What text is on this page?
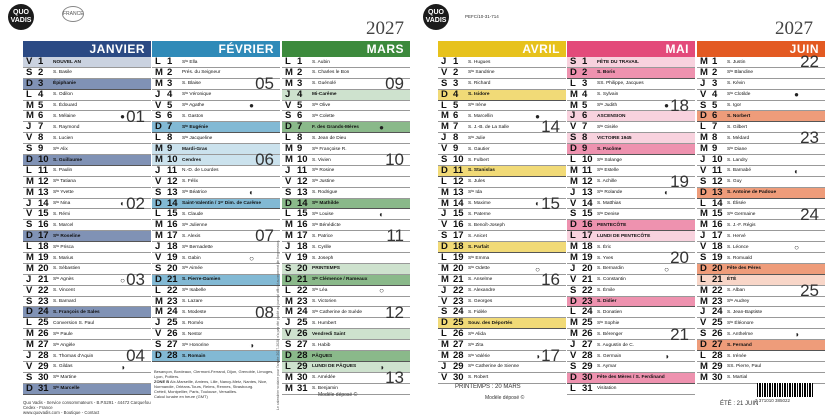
QUO VADIS
FRANCE
2027
JANVIER
V 1 NOUVEL AN
S 2 S. Basile
D 3 Épiphanie
L 4 S. Odilon
M 5 S. Édouard
M 6 S. Mélaine
J 7 S. Raymond
V 8 S. Lucien
S 9 Sᵗᵉ Alix
D 10 S. Guillaume
L 11 S. Paulin
M 12 Sᵗᵉ Tatiana
M 13 Sᵗᵉ Yvette
J 14 Sᵗᵉ Nina
V 15 S. Rémi
S 16 S. Marcel
D 17 Sᵗᵉ Roseline
L 18 Sᵗᵉ Prisca
M 19 S. Marius
M 20 S. Sébastien
J 21 Sᵗᵉ Agnès
V 22 S. Vincent
S 23 S. Barnard
D 24 S. François de Sales
L 25 Conversion S. Paul
M 26 Sᵗᵉ Paule
M 27 Sᵗᵉ Angèle
J 28 S. Thomas d'Aquin
V 29 S. Gildas
S 30 Sᵗᵉ Martine
D 31 Sᵗᵉ Marcelle
01
02
03
04
●
◐
○
◑
FÉVRIER
L 1 Sᵗᵉ Ella
M 2 Prés. du Seigneur
M 3 S. Blaise
J 4 Sᵗᵉ Véronique
V 5 Sᵗᵉ Agathe
S 6 S. Gaston
D 7 Sᵗᵉ Eugénie
L 8 Sᵗᵉ Jacqueline
M 9 Mardi-Gras
M 10 Cendres
J 11 N.-D. de Lourdes
V 12 S. Félix
S 13 Sᵗᵉ Béatrice
D 14 Saint-Valentin / 1ᵉʳ Dim. de Carême
L 15 S. Claude
M 16 Sᵗᵉ Julienne
M 17 S. Alexis
J 18 Sᵗᵉ Bernadette
V 19 S. Gabin
S 20 Sᵗᵉ Aimée
D 21 S. Pierre-Damien
L 22 Sᵗᵉ Isabelle
M 23 S. Lazare
M 24 S. Modeste
J 25 S. Roméo
V 26 S. Nestor
S 27 Sᵗᵉ Honorine
D 28 S. Romain
05
06
07
08
●
◐
○
◑
MARS
L 1 S. Aubin
M 2 S. Charles le Bon
M 3 S. Guénolé
J 4 Mi-Carême
V 5 Sᵗᵉ Olive
S 6 Sᵗᵉ Colette
D 7 F. des Grands-Mères
L 8 S. Jean de Dieu
M 9 Sᵗᵉ Françoise R.
M 10 S. Vivien
J 11 Sᵗᵉ Rosine
V 12 Sᵗᵉ Justine
S 13 S. Rodrigue
D 14 Sᵗᵉ Mathilde
L 15 Sᵗᵉ Louise
M 16 Sᵗᵉ Bénédicte
M 17 S. Patrice
J 18 S. Cyrille
V 19 S. Joseph
S 20 PRINTEMPS
D 21 Sᵗᵉ Clémence / Rameaux
L 22 Sᵗᵉ Léa
M 23 S. Victorien
M 24 Sᵗᵉ Catherine de Suède
J 25 S. Humbert
V 26 Vendredi Saint
S 27 S. Habib
D 28 PÂQUES
L 29 LUNDI DE PÂQUES
M 30 S. Amédée
M 31 S. Benjamin
09
10
11
12
13
●
◐
○
◑
Le calendrier scolaire pour l'année 2027-2028 n'a pas été publié au journal officiel au moment de l'impression.
Besançon, Bordeaux, Clermont-Ferrand, Dijon, Grenoble, Limoges, Lyon, Poitiers.
ZONE B Aix-Marseille, Amiens, Lille, Nancy-Metz, Nantes, Nice, Normandie, Orléans-Tours, Reims, Rennes, Strasbourg.
Créteil, Montpellier, Paris, Toulouse, Versailles.
Calcul lunaire en heure (GMT)
Quo Vadis - Service consommateurs - B.P.5291 - 44472 Carquefou Cedex - France
www.quovadis.com - Boutique - Contact
Modèle déposé ©
QUO VADIS
PEFC/10-31-714
2027
AVRIL
J 1 S. Hugues
V 2 Sᵗᵉ Sandrine
S 3 S. Richard
D 4 S. Isidore
L 5 Sᵗᵉ Irène
M 6 S. Marcellin
M 7 S. J.-B. de La Salle
J 8 Sᵗᵉ Julie
V 9 S. Gautier
S 10 S. Fulbert
D 11 S. Stanislas
L 12 S. Jules
M 13 Sᵗᵉ Ida
M 14 S. Maxime
J 15 S. Paterne
V 16 S. Benoît-Joseph
S 17 S. Anicet
D 18 S. Parfait
L 19 Sᵗᵉ Emma
M 20 Sᵗᵉ Odette
M 21 S. Anselme
J 22 S. Alexandre
V 23 S. Georges
S 24 S. Fidèle
D 25 Souv. des Déportés
L 26 Sᵗᵉ Alida
M 27 Sᵗᵉ Zita
M 28 Sᵗᵉ Valérie
J 29 Sᵗᵉ Catherine de Sienne
V 30 S. Robert
14
15
16
17
●
◐
○
◑
MAI
S 1 FÊTE DU TRAVAIL
D 2 S. Boris
L 3 SS. Philippe, Jacques
M 4 S. Sylvain
M 5 Sᵗᵉ Judith
J 6 ASCENSION
V 7 Sᵗᵉ Gisèle
S 8 VICTOIRE 1945
D 9 S. Pacôme
L 10 Sᵗᵉ Solange
M 11 Sᵗᵉ Estelle
M 12 S. Achille
J 13 Sᵗᵉ Rolande
V 14 S. Matthias
S 15 Sᵗᵉ Denise
D 16 PENTECÔTE
L 17 LUNDI DE PENTECÔTE
M 18 S. Éric
M 19 S. Yves
J 20 S. Bernardin
V 21 S. Constantin
S 22 S. Émile
D 23 S. Didier
L 24 S. Donatien
M 25 Sᵗᵉ Sophie
M 26 S. Bérenger
J 27 S. Augustin de C.
V 28 S. Germain
S 29 S. Aymar
D 30 Fête des Mères / S. Ferdinand
L 31 Visitation
18
19
20
21
●
◐
○
◑
JUIN
M 1 S. Justin
M 2 Sᵗᵉ Blandine
J 3 S. Kévin
V 4 Sᵗᵉ Clotilde
S 5 S. Igor
D 6 S. Norbert
L 7 S. Gilbert
M 8 S. Médard
M 9 Sᵗᵉ Diane
J 10 S. Landry
V 11 S. Barnabé
S 12 S. Guy
D 13 S. Antoine de Padoue
L 14 S. Élisée
M 15 Sᵗᵉ Germaine
M 16 S. J.-F. Régis
J 17 S. Hervé
V 18 S. Léonce
S 19 S. Romuald
D 20 Fête des Pères
L 21 ÉTÉ
M 22 S. Alban
M 23 Sᵗᵉ Audrey
J 24 S. Jean-Baptiste
V 25 Sᵗᵉ Éléonore
S 26 S. Anthelme
D 27 S. Fernand
L 28 S. Irénée
M 29 SS. Pierre, Paul
M 30 S. Martial
22
23
24
25
●
◐
○
◑
PRINTEMPS : 20 MARS
Modèle déposé ©
ÉTÉ : 21 JUIN
3 371010 385022
